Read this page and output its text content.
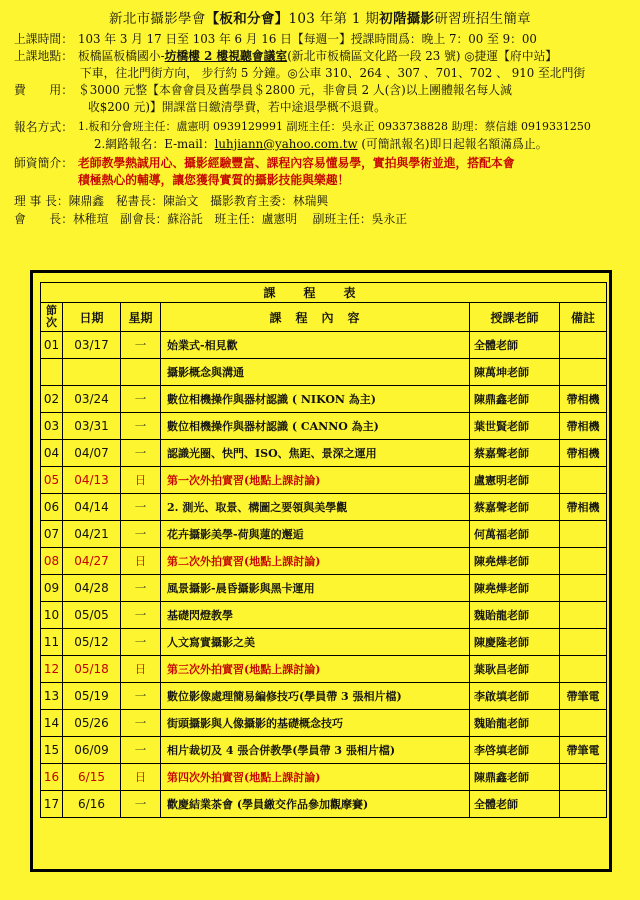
新北市攝影學會【板和分會】103 年第 1 期初階攝影研習班招生簡章
上課時間： 103 年 3 月 17 日至 103 年 6 月 16 日【每週一】授課時間爲：晚上 7：00 至 9：00
上課地點： 板橋區板橋國小-坊橋樓 2 樓視聽會議室(新北市板橋區文化路一段 23 號) ◎捷運【府中站】
下車，往北門街方向， 步行約 5 分鐘。◎公車 310、264 、307 、701、702 、 910 至北門街
費　　用： ＄3000 元整【本會會員及舊學員＄2800 元，非會員 2 人(含)以上團體報名每人減
收$200 元)】開課當日繳清學費，若中途退學概不退費。
報名方式： 1.板和分會班主任：盧憲明 0939129991 副班主任：吳永正 0933738828 助理：蔡信雄 0919331250
2.網路報名：E-mail：luhjiann@yahoo.com.tw (可簡訊報名)即日起報名額滿爲止。
師資簡介： 老師教學熱誠用心、攝影經驗豐富、課程內容易懂易學，實拍與學術並進，搭配本會
積極熱心的輔導，讓您獲得實質的攝影技能與樂趣！
理 事 長：陳鼎鑫　秘書長：陳詒文　攝影教育主委：林瑞興
會　　長：林稚瑄　副會長：蘇浴託　班主任：盧憲明　 副班主任：吳永正
課程表					
節
次	日期	星期	課　程　內　容	授課老師	備註
01	03/17	一	始業式-相見歡	全體老師	
			攝影概念與溝通	陳萬坤老師	
02	03/24	一	數位相機操作與器材認識 ( NIKON 為主)	陳鼎鑫老師	帶相機
03	03/31	一	數位相機操作與器材認識 ( CANNO 為主)	葉世賢老師	帶相機
04	04/07	一	認識光圈、快門、ISO、焦距、景深之運用	蔡嘉聲老師	帶相機
05	04/13	日	第一次外拍實習(地點上課討論)	盧憲明老師	
06	04/14	一	2. 測光、取景、構圖之要領與美學觀	蔡嘉聲老師	帶相機
07	04/21	一	花卉攝影美學-荷與蓮的邂逅	何萬福老師	
08	04/27	日	第二次外拍實習(地點上課討論)	陳堯燁老師	
09	04/28	一	風景攝影-晨昏攝影與黑卡運用	陳堯燁老師	
10	05/05	一	基礎閃燈教學	魏貽龍老師	
11	05/12	一	人文寫實攝影之美	陳慶隆老師	
12	05/18	日	第三次外拍實習(地點上課討論)	葉耿昌老師	
13	05/19	一	數位影像處理簡易編修技巧(學員帶 3 張相片檔)	李啟填老師	帶筆電
14	05/26	一	街頭攝影與人像攝影的基礎概念技巧	魏貽龍老師	
15	06/09	一	相片裁切及 4 張合併教學(學員帶 3 張相片檔)	李啓填老師	帶筆電
16	6/15	日	第四次外拍實習(地點上課討論)	陳鼎鑫老師	
17	6/16	一	歡慶結業茶會 (學員繳交作品參加觀摩賽)	全體老師	
